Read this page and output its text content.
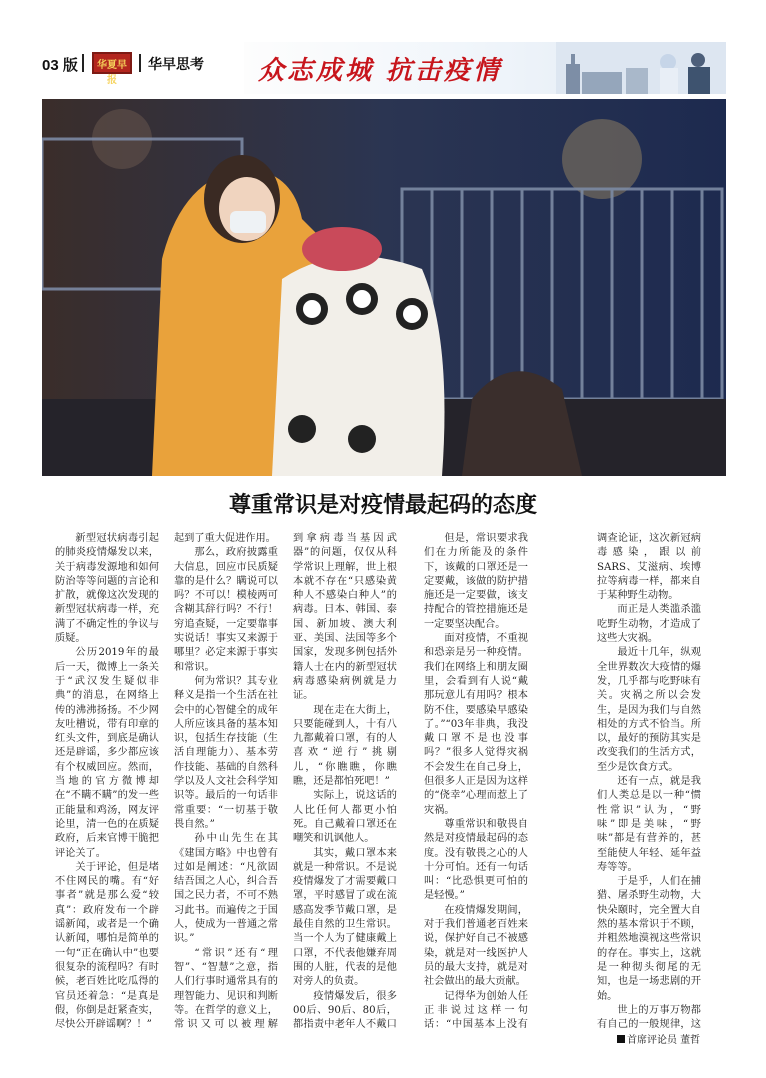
03 版	华夏早报
华早思考 众志成城 抗击疫情
尊重常识是对疫情最起码的态度

新型冠状病毒引起的肺炎疫情爆发以来，关于病毒发源地和如何防治等等问题的言论和扩散，就像这次发现的新型冠状病毒一样，充满了不确定性的争议与质疑。

公历2019年的最后一天，微博上一条关于“武汉发生疑似非典”的消息，在网络上传的沸沸扬扬。不少网友吐槽说，带有印章的红头文件，到底是确认还是辟谣，多少都应该有个权威回应。然而，当地的官方微博却在“不瞒不瞒”的发一些正能量和鸡汤，网友评论里，清一色的在质疑政府，后来官博干脆把评论关了。

关于评论，但是堵不住网民的嘴。有“好事者”就是那么爱“较真”：政府发布一个辟谣新闻，或者是一个确认新闻，哪怕是简单的一句“正在确认中”也要很复杂的流程吗？有时候，老百姓比吃瓜得的官员还着急：“是真是假，你倒是赶紧查实，尽快公开辟谣啊？！”

起到了重大促进作用。

那么，政府披露重大信息，回应市民质疑靠的是什么？瞒说可以吗？不可以！模棱两可含糊其辞行吗？不行！穷追查疑，一定要靠事实说话！事实又来源于哪里？必定来源于事实和常识。

何为常识？其专业释义是指一个生活在社会中的心智健全的成年人所应该具备的基本知识，包括生存技能（生活自理能力）、基本劳作技能、基础的自然科学以及人文社会科学知识等。最后的一句话非常重要：“一切基于敬畏自然。”

孙中山先生在其《建国方略》中也曾有过如是阐述：“凡欲固结吾国之人心，纠合吾国之民力者，不可不熟习此书。而遍传之于国人，使成为一普通之常识。”

“常识”还有“理智”、“智慧”之意，指人们行事时通常具有的理智能力、见识和判断等。在哲学的意义上，常识又可以被理解

到拿病毒当基因武器”的问题，仅仅从科学常识上理解，世上根本就不存在“只感染黄种人不感染白种人”的病毒。日本、韩国、泰国、新加坡、澳大利亚、美国、法国等多个国家，发现多例包括外籍人士在内的新型冠状病毒感染病例就是力证。

现在走在大街上，只要能碰到人，十有八九都戴着口罩，有的人喜欢“逆行”挑剔儿，“你瞧瞧，你瞧瞧，还是都怕死吧！”

实际上，说这话的人比任何人都更小怕死。自己戴着口罩还在嘲笑和讥讽他人。

其实，戴口罩本来就是一种常识。不是说疫情爆发了才需要戴口罩，平时感冒了或在流感高发季节戴口罩，是最佳自然的卫生常识。当一个人为了健康戴上口罩，不代表他嫌弃周围的人脏，代表的是他对旁人的负责。

疫情爆发后，很多00后、90后、80后，都指责中老年人不戴口

但是，常识要求我们在力所能及的条件下，该戴的口罩还是一定要戴，该做的防护措施还是一定要做，该支持配合的管控措施还是一定要坚决配合。

面对疫情，不重视和恐亲是另一种疫情。我们在网络上和朋友圈里，会看到有人说“戴那玩意儿有用吗？根本防不住，要感染早感染了。”“03年非典，我没戴口罩不是也没事吗？”很多人觉得灾祸不会发生在自己身上，但很多人正是因为这样的“侥幸”心理而惹上了灾祸。

尊重常识和敬畏自然是对疫情最起码的态度。没有敬畏之心的人十分可怕。还有一句话叫：“比恐惧更可怕的是轻慢。”

在疫情爆发期间，对于我们普通老百姓来说，保护好自己不被感染，就是对一线医护人员的最大支持，就是对社会做出的最大贡献。

记得华为创始人任正非说过这样一句话：“中国基本上没有

调查论证，这次新冠病毒感染，跟以前SARS、艾滋病、埃博拉等病毒一样，都来自于某种野生动物。

而正是人类滥杀滥吃野生动物，才造成了这些大灾祸。

最近十几年，纵观全世界数次大疫情的爆发，几乎都与吃野味有关。灾祸之所以会发生，是因为我们与自然相处的方式不恰当。所以，最好的预防其实是改变我们的生活方式，至少是饮食方式。

还有一点，就是我们人类总是以一种“惯性常识”认为，“野味”即是美味，“野味”都是有营养的，甚至能使人年轻、延年益寿等等。

于是乎，人们在捕猎、屠杀野生动物，大快朵颐时，完全置大自然的基本常识于不顾，并粗然地漠视这些常识的存在。事实上，这就是一种彻头彻尾的无知，也是一场悲剧的开始。

世上的万事万物都有自己的一般规律，这

首席评论员 董哲
